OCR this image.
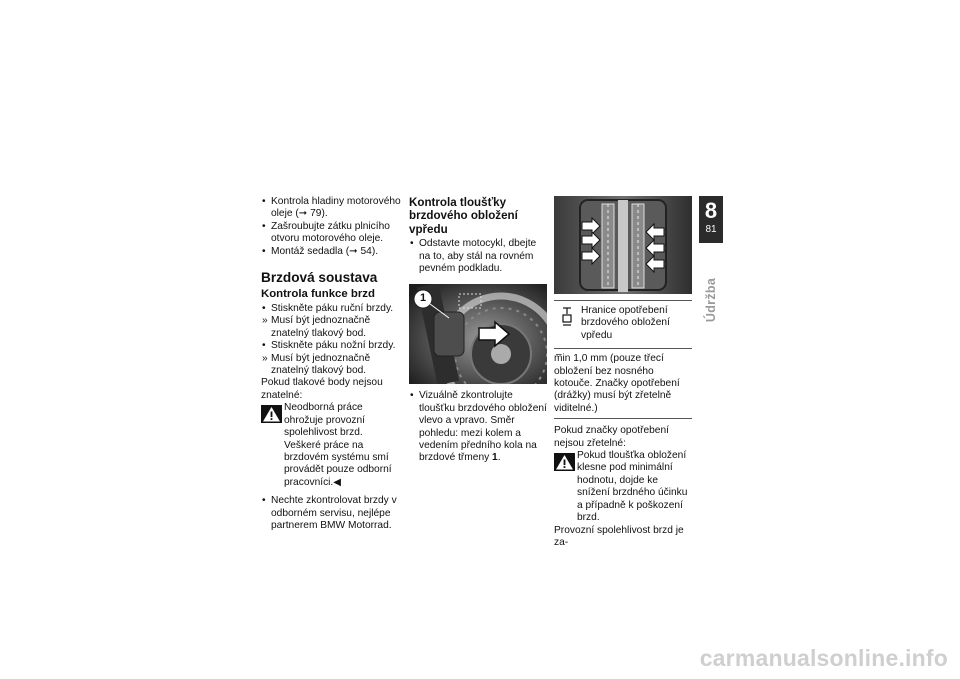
• Kontrola hladiny motorového oleje (➞ 79).
• Zašroubujte zátku plnicího otvoru motorového oleje.
• Montáž sedadla (➞ 54).
Brzdová soustava
Kontrola funkce brzd
• Stiskněte páku ruční brzdy.
» Musí být jednoznačně znatelný tlakový bod.
• Stiskněte páku nožní brzdy.
» Musí být jednoznačně znatelný tlakový bod.

Pokud tlakové body nejsou znatelné:

Neodborná práce ohrožuje provozní spolehlivost brzd. Veškeré práce na brzdovém systému smí provádět pouze odborní pracovníci.◀
• Nechte zkontrolovat brzdy v odborném servisu, nejlépe partnerem BMW Motorrad.
Kontrola tloušťky brzdového obložení vpředu
• Odstavte motocykl, dbejte na to, aby stál na rovném pevném podkladu.
1
• Vizuálně zkontrolujte tloušťku brzdového obložení vlevo a vpravo. Směr pohledu: mezi kolem a vedením předního kola na brzdové třmeny 1.
Hranice opotřebení brzdového obložení vpředu
– min 1,0 mm (pouze třecí obložení bez nosného kotouče. Značky opotřebení (drážky) musí být zřetelně viditelné.)

Pokud značky opotřebení nejsou zřetelné:

Pokud tloušťka obložení klesne pod minimální hodnotu, dojde ke snížení brzdného účinku a případně k poškození brzd.

Provozní spolehlivost brzd je za-

8
81
Údržba
carmanualsonline.info
